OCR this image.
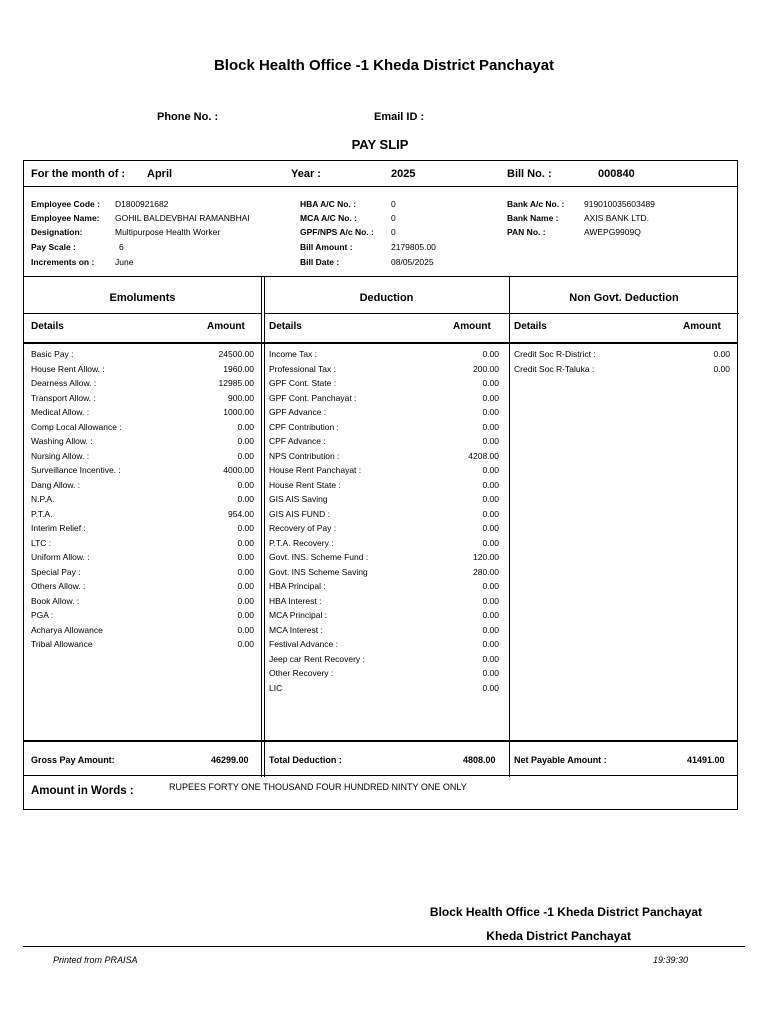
Block Health Office -1 Kheda District Panchayat
Phone No. :	Email ID :
PAY SLIP
For the month of : April	Year :	2025	Bill No. :	000840
Employee Code : D1800921682
Employee Name: GOHIL BALDEVBHAI RAMANBHAI
Designation:	Multipurpose Health Worker
Pay Scale :	6
Increments on : June
HBA A/C No. :	0
MCA A/C No. :	0
GPF/NPS A/c No. : 0
Bill Amount :	2179805.00
Bill Date :	08/05/2025
Bank A/c No. : 919010035603489
Bank Name :	AXIS BANK LTD.
PAN No. :	AWEPG9909Q
Emoluments	Deduction	Non Govt. Deduction
Details	Amount Details	Amount Details	Amount
Basic Pay :	24500.00
House Rent Allow. :	1960.00
Dearness Allow. :	12985.00
Transport Allow. :	900.00
Medical Allow. :	1000.00
Comp Local Allowance :	0.00
Washing Allow. :	0.00
Nursing Allow. :	0.00
Surveillance Incentive. :	4000.00
Dang Allow. :	0.00
N.P.A.	0.00
P.T.A.	954.00
Interim Relief :	0.00
LTC :	0.00
Uniform Allow. :	0.00
Special Pay :	0.00
Others Allow. :	0.00
Book Allow. :	0.00
PGA :	0.00
Acharya Allowance	0.00
Tribal Allowance	0.00
Income Tax :	0.00
Professional Tax :	200.00
GPF Cont. State :	0.00
GPF Cont. Panchayat :	0.00
GPF Advance :	0.00
CPF Contribution :	0.00
CPF Advance :	0.00
NPS Contribution :	4208.00
House Rent Panchayat :	0.00
House Rent State :	0.00
GIS AIS Saving	0.00
GIS AIS FUND :	0.00
Recovery of Pay :	0.00
P.T.A. Recovery :	0.00
Govt. INS. Scheme Fund :	120.00
Govt. INS Scheme Saving	280.00
HBA Principal :	0.00
HBA Interest :	0.00
MCA Principal :	0.00
MCA Interest :	0.00
Festival Advance :	0.00
Jeep car Rent Recovery :	0.00
Other Recovery :	0.00
LIC	0.00
Credit Soc R-District :	0.00
Credit Soc R-Taluka :	0.00
Gross Pay Amount:	46299.00 Total Deduction :	4808.00 Net Payable Amount :	41491.00
Amount in Words :	RUPEES FORTY ONE THOUSAND FOUR HUNDRED NINTY ONE ONLY
Block Health Office -1 Kheda District Panchayat
Kheda District Panchayat
Printed from PRAISA	19:39:30
